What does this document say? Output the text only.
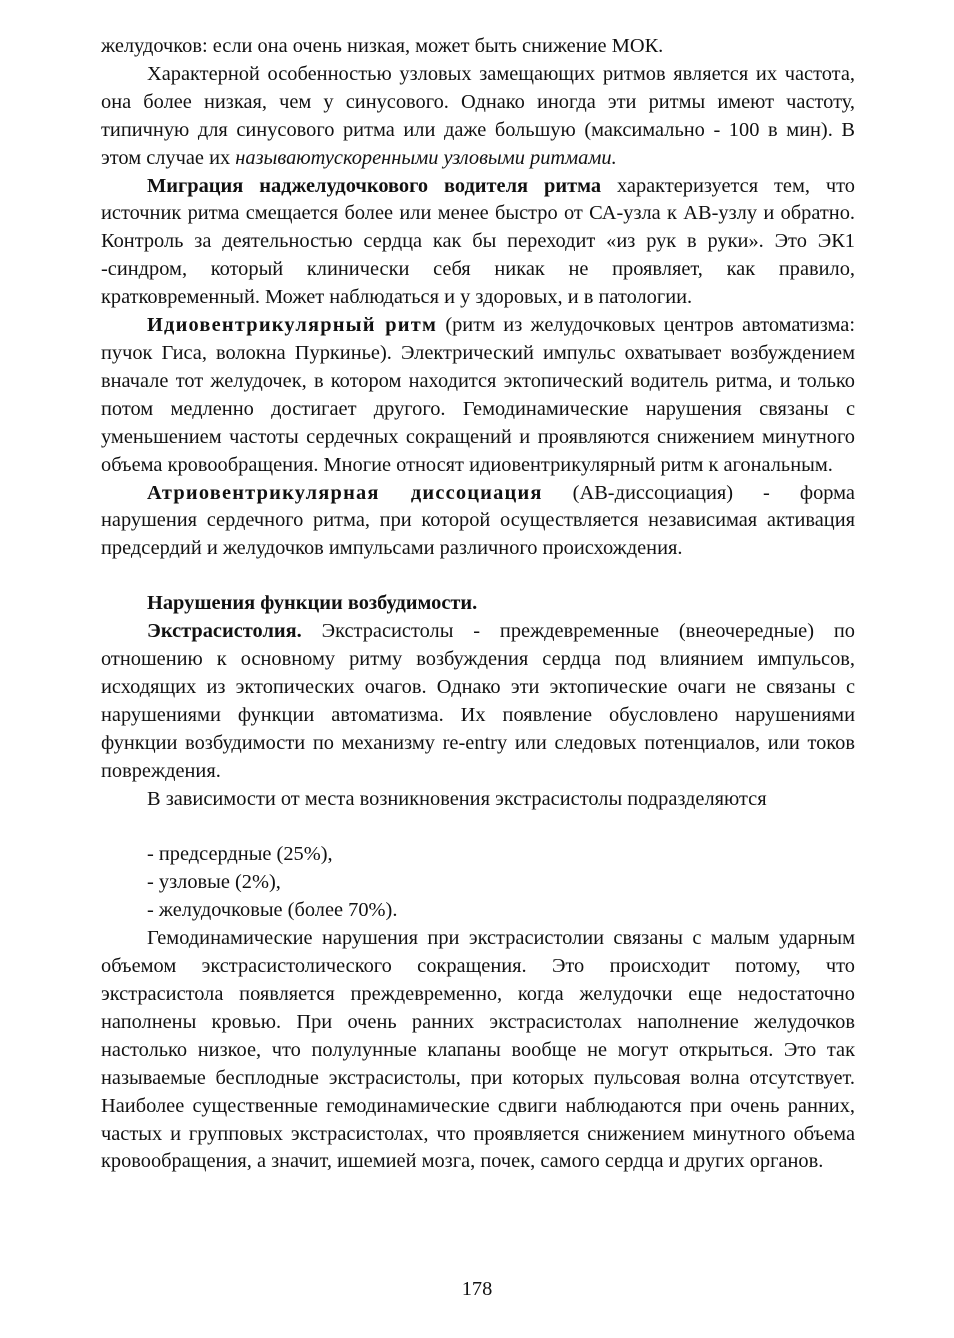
желудочков: если она очень низкая, может быть снижение МОК.

Характерной особенностью узловых замещающих ритмов является их частота, она более низкая, чем у синусового. Однако иногда эти ритмы имеют частоту, типичную для синусового ритма или даже большую (максимально - 100 в мин). В этом случае их называютускоренными узловыми ритмами.

Миграция наджелудочкового водителя ритма характеризуется тем, что источник ритма смещается более или менее быстро от СА-узла к АВ-узлу и обратно. Контроль за деятельностью сердца как бы переходит «из рук в руки». Это ЭК1 -синдром, который клинически себя никак не проявляет, как правило, кратковременный. Может наблюдаться и у здоровых, и в патологии.

Идиовентрикулярный ритм (ритм из желудочковых центров автоматизма: пучок Гиса, волокна Пуркинье). Электрический импульс охватывает возбуждением вначале тот желудочек, в котором находится эктопический водитель ритма, и только потом медленно достигает другого. Гемодинамические нарушения связаны с уменьшением частоты сердечных сокращений и проявляются снижением минутного объема кровообращения. Многие относят идиовентрикулярный ритм к агональным.

Атриовентрикулярная диссоциация (АВ-диссоциация) - форма нарушения сердечного ритма, при которой осуществляется независимая активация предсердий и желудочков импульсами различного происхождения.

Нарушения функции возбудимости.

Экстрасистолия. Экстрасистолы - преждевременные (внеочередные) по отношению к основному ритму возбуждения сердца под влиянием импульсов, исходящих из эктопических очагов. Однако эти эктопические очаги не связаны с нарушениями функции автоматизма. Их появление обусловлено нарушениями функции возбудимости по механизму re-entry или следовых потенциалов, или токов повреждения.

В зависимости от места возникновения экстрасистолы подразделяются

- предсердные (25%),

- узловые (2%),

- желудочковые (более 70%).

Гемодинамические нарушения при экстрасистолии связаны с малым ударным объемом экстрасистолического сокращения. Это происходит потому, что экстрасистола появляется преждевременно, когда желудочки еще недостаточно наполнены кровью. При очень ранних экстрасистолах наполнение желудочков настолько низкое, что полулунные клапаны вообще не могут открыться. Это так называемые бесплодные экстрасистолы, при которых пульсовая волна отсутствует. Наиболее существенные гемодинамические сдвиги наблюдаются при очень ранних, частых и групповых экстрасистолах, что проявляется снижением минутного объема кровообращения, а значит, ишемией мозга, почек, самого сердца и других органов.

178
